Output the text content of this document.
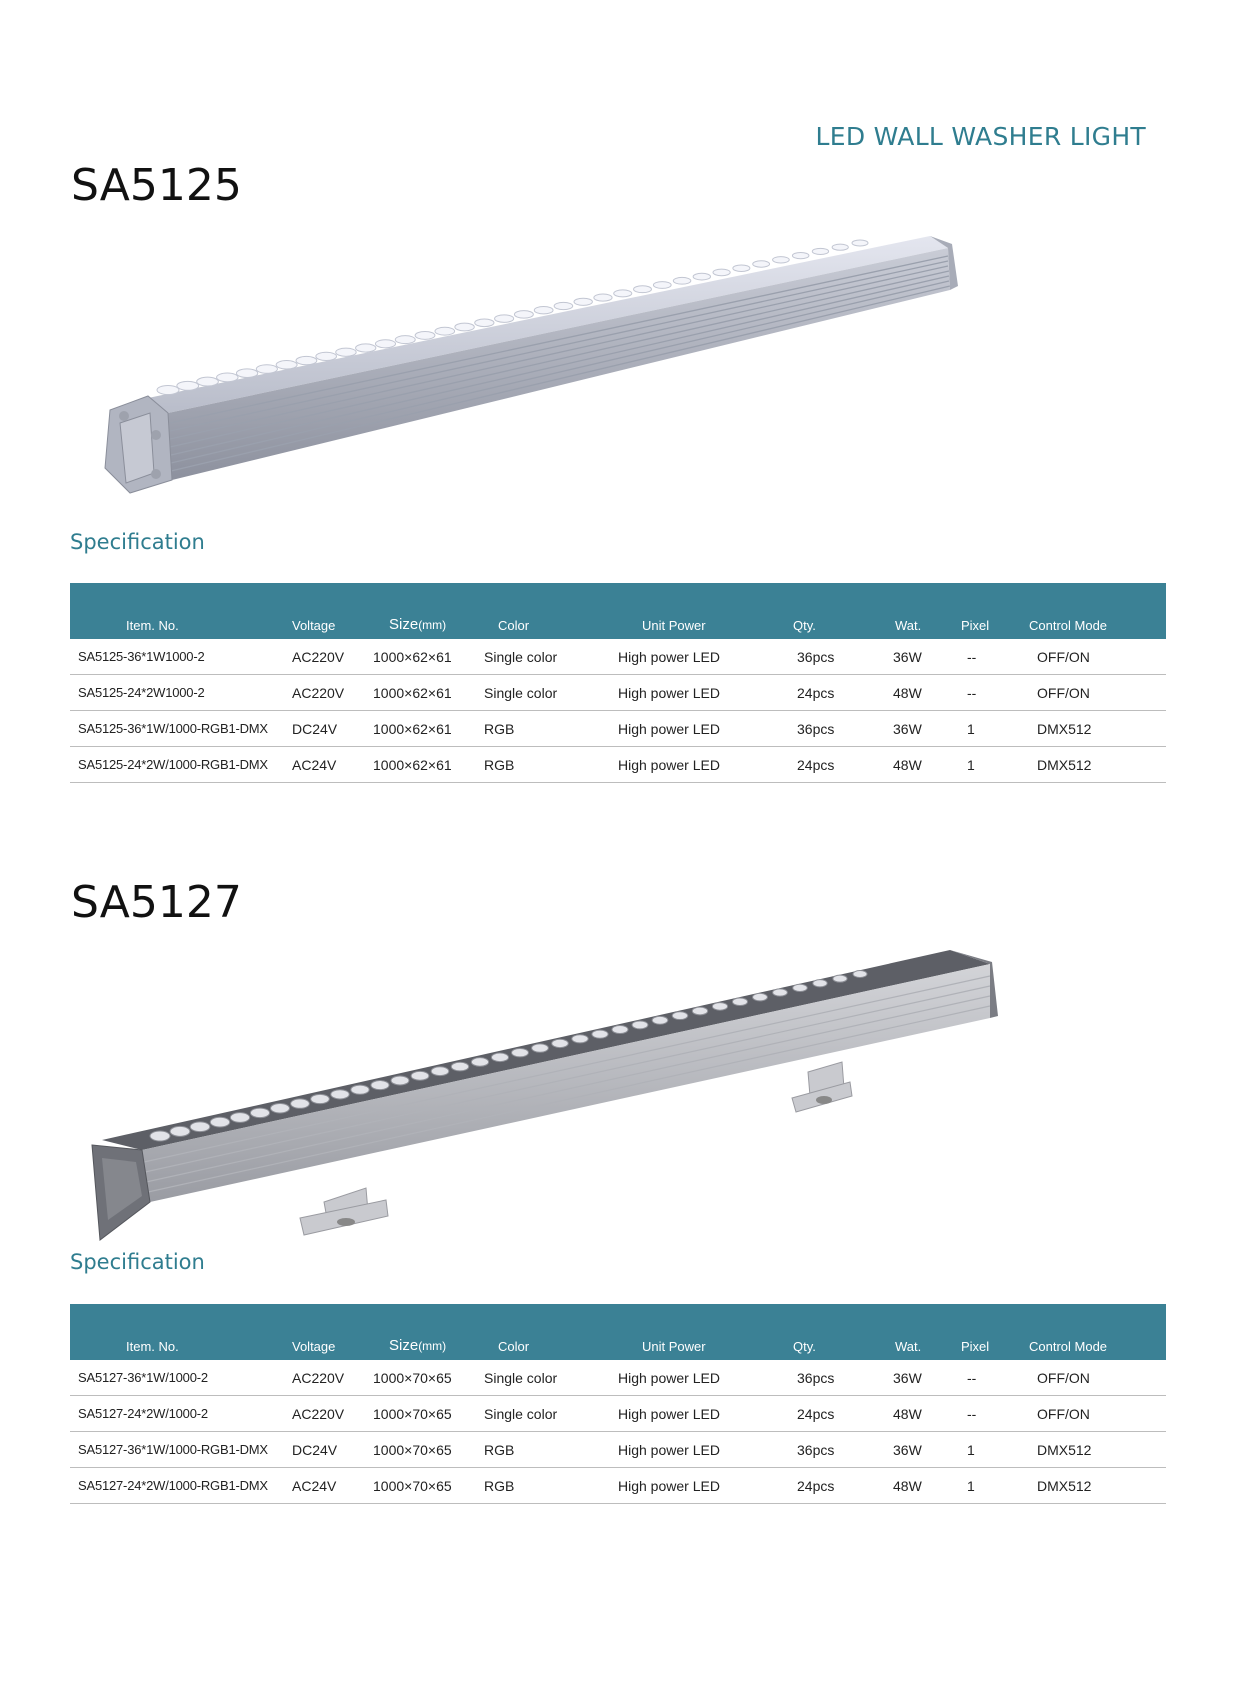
LED WALL WASHER LIGHT
SA5125
Specification
Item. No.	Voltage	Size(mm)	Color	Unit Power	Qty.	Wat.	Pixel	Control Mode
SA5125-36*1W1000-2	AC220V	1000×62×61	Single color	High power LED	36pcs	36W	--	OFF/ON
SA5125-24*2W1000-2	AC220V	1000×62×61	Single color	High power LED	24pcs	48W	--	OFF/ON
SA5125-36*1W/1000-RGB1-DMX	DC24V	1000×62×61	RGB	High power LED	36pcs	36W	1	DMX512
SA5125-24*2W/1000-RGB1-DMX	AC24V	1000×62×61	RGB	High power LED	24pcs	48W	1	DMX512
SA5127
Specification
Item. No.	Voltage	Size(mm)	Color	Unit Power	Qty.	Wat.	Pixel	Control Mode
SA5127-36*1W/1000-2	AC220V	1000×70×65	Single color	High power LED	36pcs	36W	--	OFF/ON
SA5127-24*2W/1000-2	AC220V	1000×70×65	Single color	High power LED	24pcs	48W	--	OFF/ON
SA5127-36*1W/1000-RGB1-DMX	DC24V	1000×70×65	RGB	High power LED	36pcs	36W	1	DMX512
SA5127-24*2W/1000-RGB1-DMX	AC24V	1000×70×65	RGB	High power LED	24pcs	48W	1	DMX512
